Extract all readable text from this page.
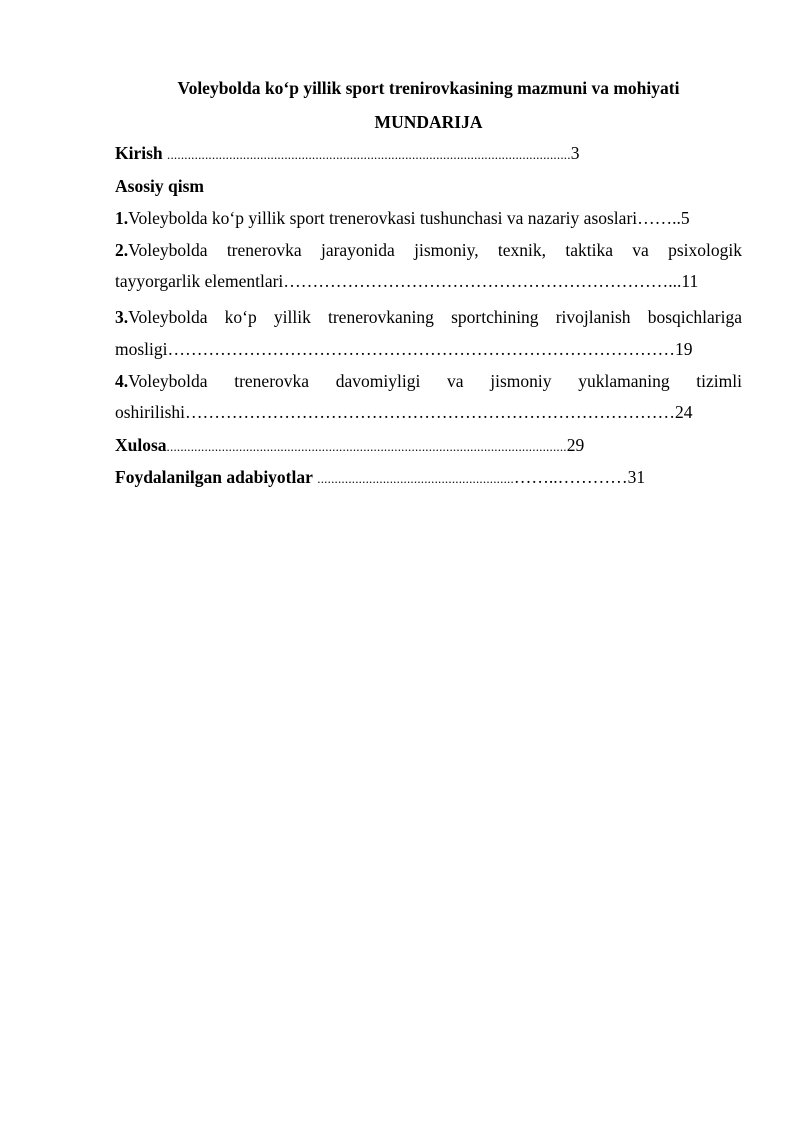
Voleybolda ko‘p yillik sport trenirovkasining mazmuni va mohiyati
MUNDARIJA
Kirish .....................................................................................................................3
Asosiy qism
1.Voleybolda ko‘p yillik sport trenerovkasi tushunchasi va nazariy asoslari……..5
2.Voleybolda trenerovka jarayonida jismoniy, texnik, taktika va psixologik
tayyorgarlik elementlari…………………………………………………………...11
3.Voleybolda ko‘p yillik trenerovkaning sportchining rivojlanish bosqichlariga
mosligi……………………………………………………………………………19
4.Voleybolda trenerovka davomiyligi va jismoniy yuklamaning tizimli
oshirilishi…………………………………………………………………………24
Xulosa....................................................................................................................29
Foydalanilgan adabiyotlar .........................................................……..…………31
